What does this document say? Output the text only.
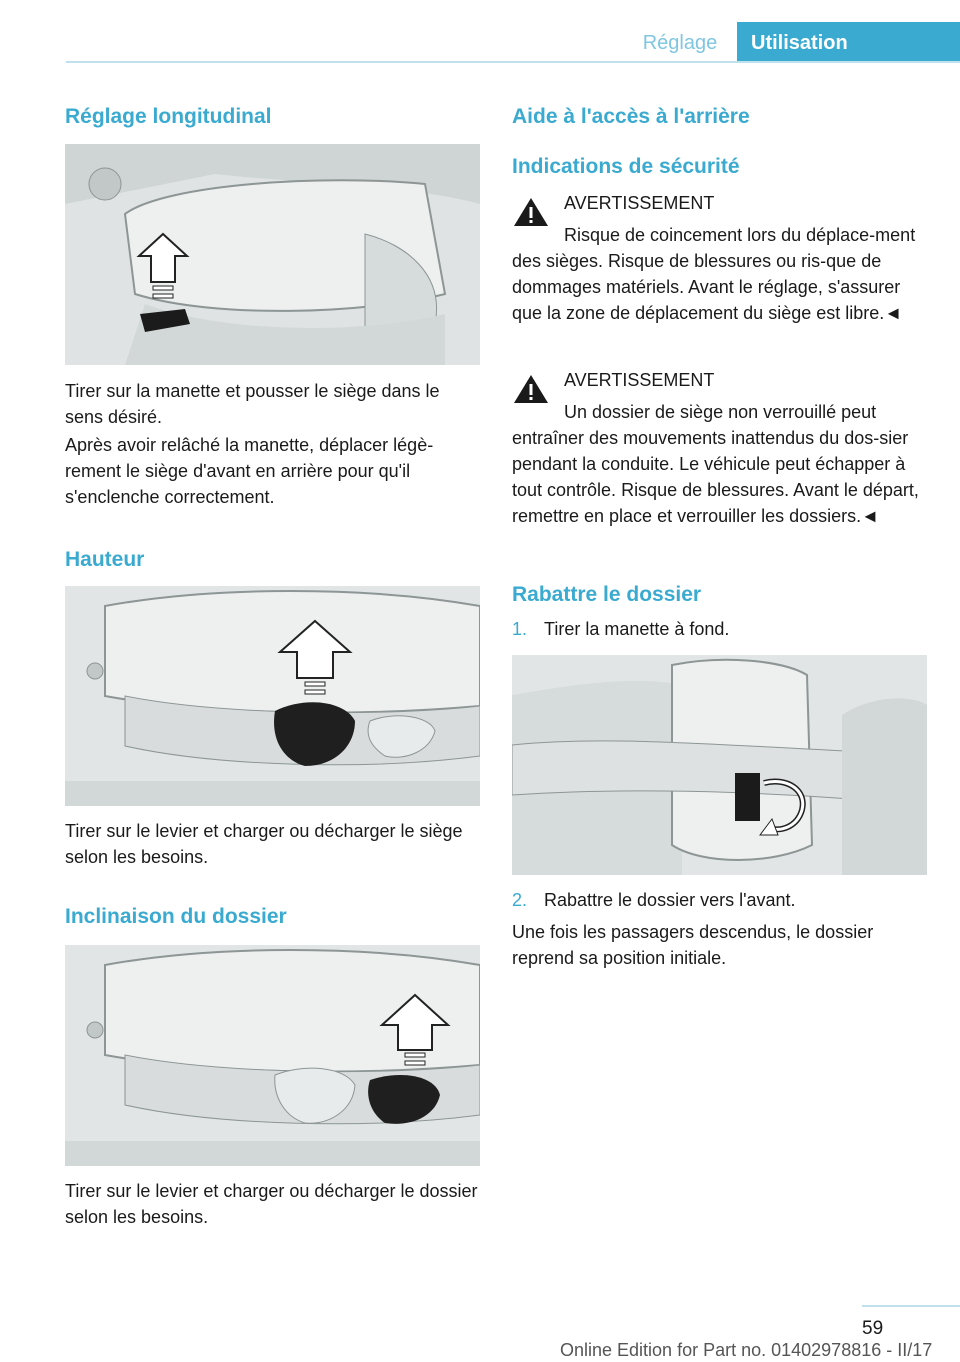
Réglage	Utilisation
Réglage longitudinal

Tirer sur la manette et pousser le siège dans le sens désiré.

Après avoir relâché la manette, déplacer légè-rement le siège d'avant en arrière pour qu'il s'enclenche correctement.

Hauteur

Tirer sur le levier et charger ou décharger le siège selon les besoins.

Inclinaison du dossier

Tirer sur le levier et charger ou décharger le dossier selon les besoins.

Aide à l'accès à l'arrière
Indications de sécurité
AVERTISSEMENT
Risque de coincement lors du déplace-ment des sièges. Risque de blessures ou ris-que de dommages matériels. Avant le réglage, s'assurer que la zone de déplacement du siège est libre.◄
AVERTISSEMENT
Un dossier de siège non verrouillé peut entraîner des mouvements inattendus du dos-sier pendant la conduite. Le véhicule peut échapper à tout contrôle. Risque de blessures. Avant le départ, remettre en place et verrouiller les dossiers.◄
Rabattre le dossier

1. Tirer la manette à fond.

2. Rabattre le dossier vers l'avant.

Une fois les passagers descendus, le dossier reprend sa position initiale.

59
Online Edition for Part no. 01402978816 - II/17
